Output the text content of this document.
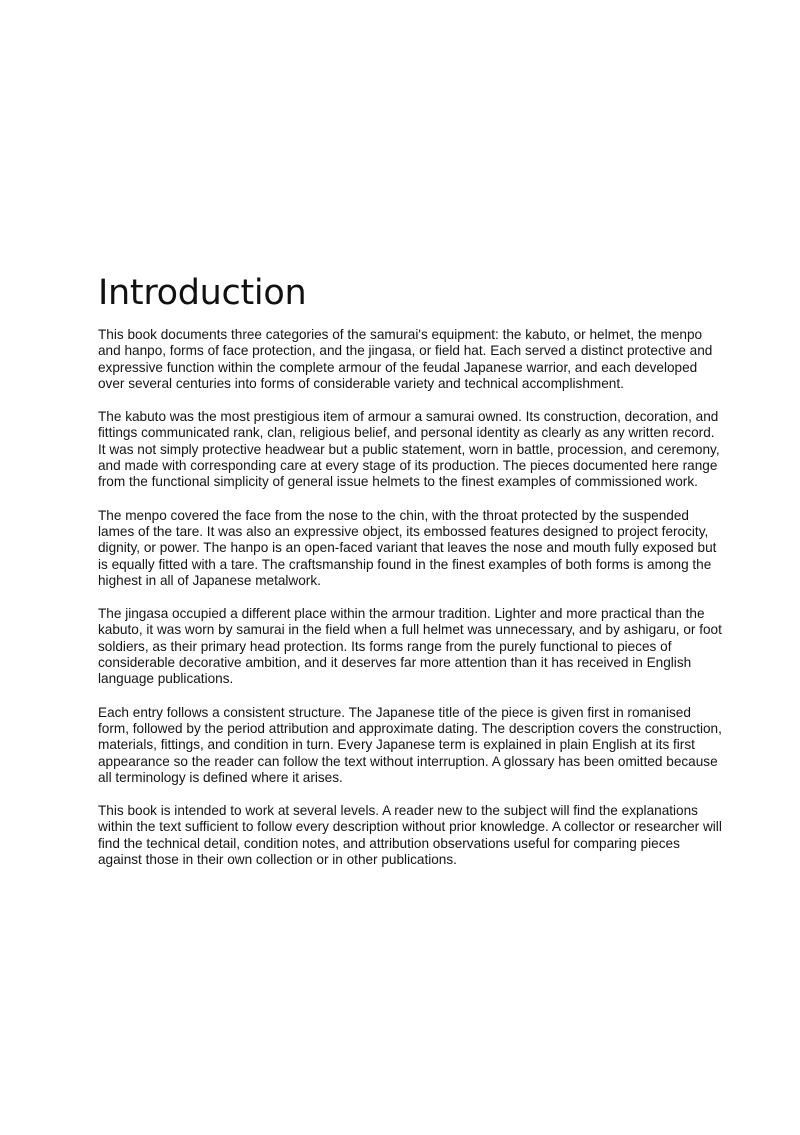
Introduction

This book documents three categories of the samurai's equipment: the kabuto, or helmet, the menpo and hanpo, forms of face protection, and the jingasa, or field hat. Each served a distinct protective and expressive function within the complete armour of the feudal Japanese warrior, and each developed over several centuries into forms of considerable variety and technical accomplishment.

The kabuto was the most prestigious item of armour a samurai owned. Its construction, decoration, and fittings communicated rank, clan, religious belief, and personal identity as clearly as any written record. It was not simply protective headwear but a public statement, worn in battle, procession, and ceremony, and made with corresponding care at every stage of its production. The pieces documented here range from the functional simplicity of general issue helmets to the finest examples of commissioned work.

The menpo covered the face from the nose to the chin, with the throat protected by the suspended lames of the tare. It was also an expressive object, its embossed features designed to project ferocity, dignity, or power. The hanpo is an open-faced variant that leaves the nose and mouth fully exposed but is equally fitted with a tare. The craftsmanship found in the finest examples of both forms is among the highest in all of Japanese metalwork.

The jingasa occupied a different place within the armour tradition. Lighter and more practical than the kabuto, it was worn by samurai in the field when a full helmet was unnecessary, and by ashigaru, or foot soldiers, as their primary head protection. Its forms range from the purely functional to pieces of considerable decorative ambition, and it deserves far more attention than it has received in English language publications.

Each entry follows a consistent structure. The Japanese title of the piece is given first in romanised form, followed by the period attribution and approximate dating. The description covers the construction, materials, fittings, and condition in turn. Every Japanese term is explained in plain English at its first appearance so the reader can follow the text without interruption. A glossary has been omitted because all terminology is defined where it arises.

This book is intended to work at several levels. A reader new to the subject will find the explanations within the text sufficient to follow every description without prior knowledge. A collector or researcher will find the technical detail, condition notes, and attribution observations useful for comparing pieces against those in their own collection or in other publications.
